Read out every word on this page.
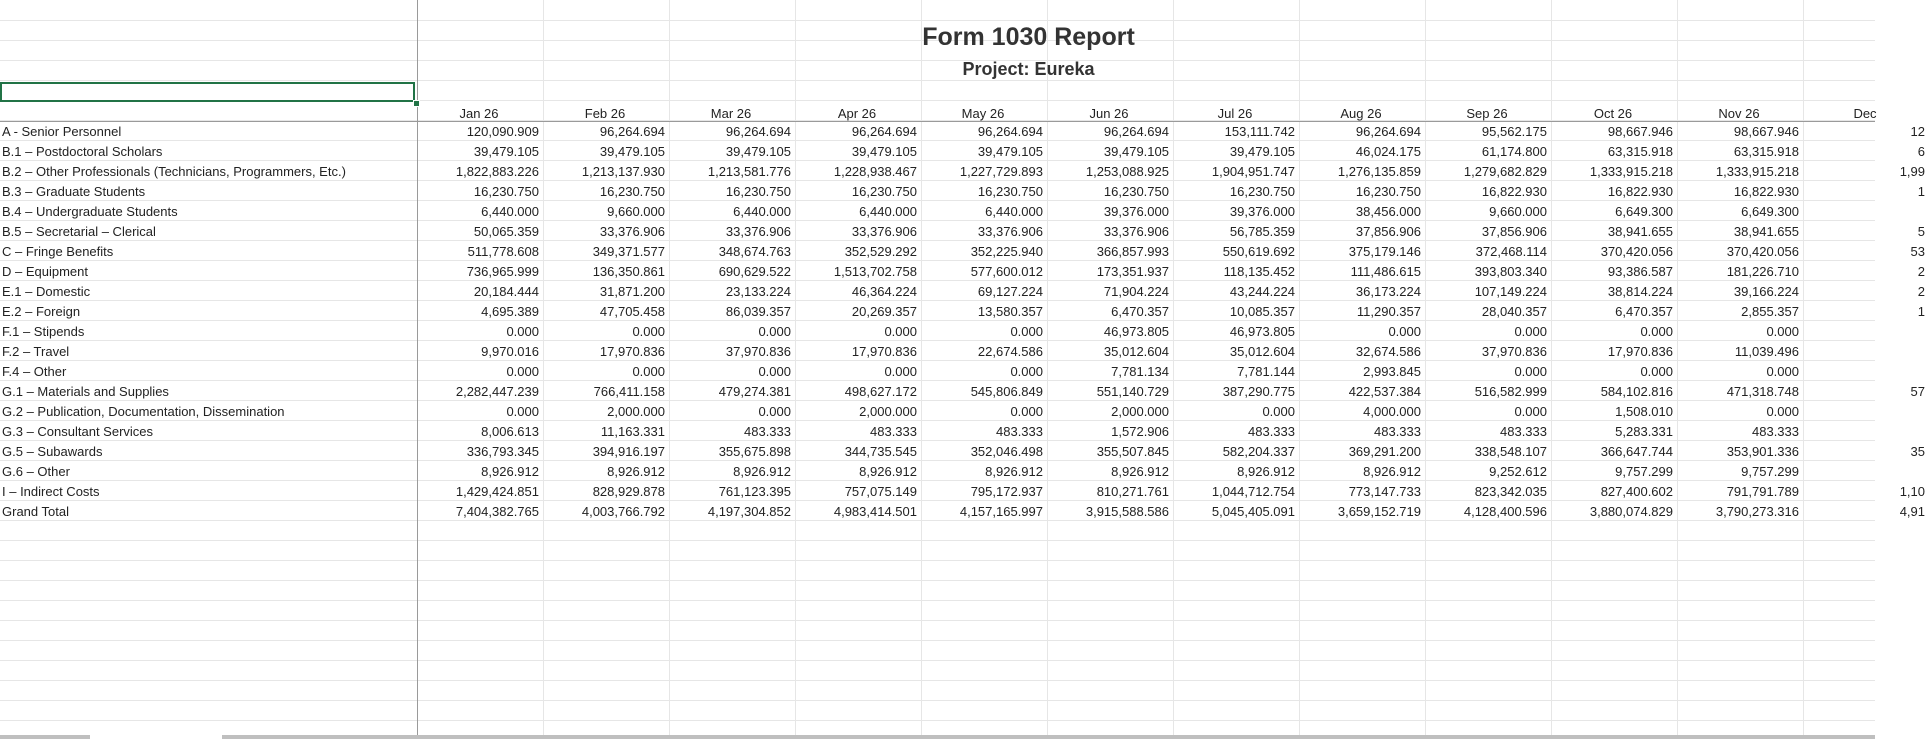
Form 1030 Report
Project: Eureka
Jan 26	Feb 26	Mar 26	Apr 26	May 26	Jun 26	Jul 26	Aug 26	Sep 26	Oct 26	Nov 26	Dec
A - Senior Personnel	120,090.909	96,264.694	96,264.694	96,264.694	96,264.694	96,264.694	153,111.742	96,264.694	95,562.175	98,667.946	98,667.946	12
B.1 – Postdoctoral Scholars	39,479.105	39,479.105	39,479.105	39,479.105	39,479.105	39,479.105	39,479.105	46,024.175	61,174.800	63,315.918	63,315.918	6
B.2 – Other Professionals (Technicians, Programmers, Etc.)	1,822,883.226	1,213,137.930	1,213,581.776	1,228,938.467	1,227,729.893	1,253,088.925	1,904,951.747	1,276,135.859	1,279,682.829	1,333,915.218	1,333,915.218	1,99
B.3 – Graduate Students	16,230.750	16,230.750	16,230.750	16,230.750	16,230.750	16,230.750	16,230.750	16,230.750	16,822.930	16,822.930	16,822.930	1
B.4 – Undergraduate Students	6,440.000	9,660.000	6,440.000	6,440.000	6,440.000	39,376.000	39,376.000	38,456.000	9,660.000	6,649.300	6,649.300
B.5 – Secretarial – Clerical	50,065.359	33,376.906	33,376.906	33,376.906	33,376.906	33,376.906	56,785.359	37,856.906	37,856.906	38,941.655	38,941.655	5
C – Fringe Benefits	511,778.608	349,371.577	348,674.763	352,529.292	352,225.940	366,857.993	550,619.692	375,179.146	372,468.114	370,420.056	370,420.056	53
D – Equipment	736,965.999	136,350.861	690,629.522	1,513,702.758	577,600.012	173,351.937	118,135.452	111,486.615	393,803.340	93,386.587	181,226.710	2
E.1 – Domestic	20,184.444	31,871.200	23,133.224	46,364.224	69,127.224	71,904.224	43,244.224	36,173.224	107,149.224	38,814.224	39,166.224	2
E.2 – Foreign	4,695.389	47,705.458	86,039.357	20,269.357	13,580.357	6,470.357	10,085.357	11,290.357	28,040.357	6,470.357	2,855.357	1
F.1 – Stipends	0.000	0.000	0.000	0.000	0.000	46,973.805	46,973.805	0.000	0.000	0.000	0.000
F.2 – Travel	9,970.016	17,970.836	37,970.836	17,970.836	22,674.586	35,012.604	35,012.604	32,674.586	37,970.836	17,970.836	11,039.496
F.4 – Other	0.000	0.000	0.000	0.000	0.000	7,781.134	7,781.144	2,993.845	0.000	0.000	0.000
G.1 – Materials and Supplies	2,282,447.239	766,411.158	479,274.381	498,627.172	545,806.849	551,140.729	387,290.775	422,537.384	516,582.999	584,102.816	471,318.748	57
G.2 – Publication, Documentation, Dissemination	0.000	2,000.000	0.000	2,000.000	0.000	2,000.000	0.000	4,000.000	0.000	1,508.010	0.000
G.3 – Consultant Services	8,006.613	11,163.331	483.333	483.333	483.333	1,572.906	483.333	483.333	483.333	5,283.331	483.333
G.5 – Subawards	336,793.345	394,916.197	355,675.898	344,735.545	352,046.498	355,507.845	582,204.337	369,291.200	338,548.107	366,647.744	353,901.336	35
G.6 – Other	8,926.912	8,926.912	8,926.912	8,926.912	8,926.912	8,926.912	8,926.912	8,926.912	9,252.612	9,757.299	9,757.299
I – Indirect Costs	1,429,424.851	828,929.878	761,123.395	757,075.149	795,172.937	810,271.761	1,044,712.754	773,147.733	823,342.035	827,400.602	791,791.789	1,10
Grand Total	7,404,382.765	4,003,766.792	4,197,304.852	4,983,414.501	4,157,165.997	3,915,588.586	5,045,405.091	3,659,152.719	4,128,400.596	3,880,074.829	3,790,273.316	4,91
